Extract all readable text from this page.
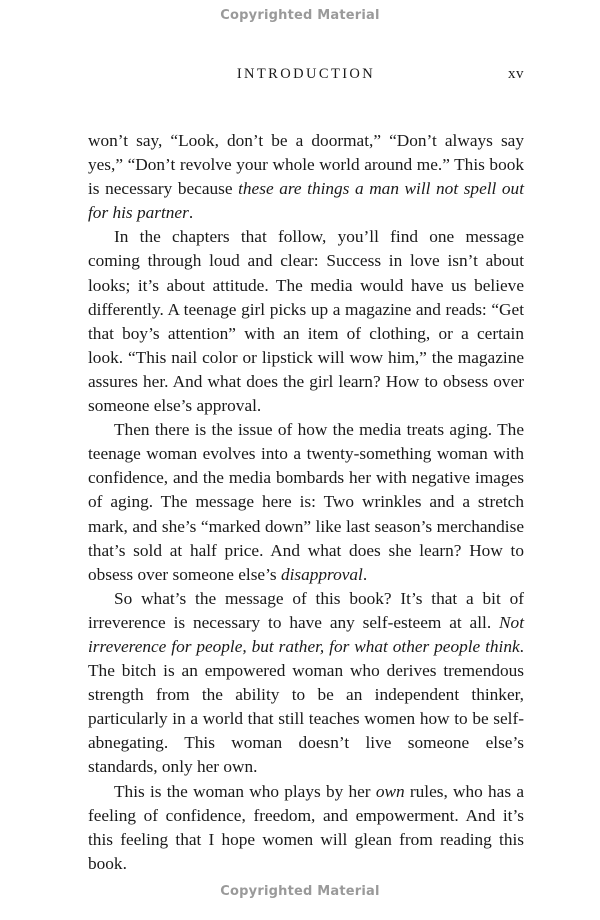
Copyrighted Material
INTRODUCTION	xv

won’t say, “Look, don’t be a doormat,” “Don’t always say yes,” “Don’t revolve your whole world around me.” This book is necessary because these are things a man will not spell out for his partner.

In the chapters that follow, you’ll find one message coming through loud and clear: Success in love isn’t about looks; it’s about attitude. The media would have us believe differently. A teenage girl picks up a magazine and reads: “Get that boy’s attention” with an item of clothing, or a certain look. “This nail color or lipstick will wow him,” the magazine assures her. And what does the girl learn? How to obsess over someone else’s approval.

Then there is the issue of how the media treats aging. The teenage woman evolves into a twenty-something woman with confidence, and the media bombards her with negative images of aging. The message here is: Two wrinkles and a stretch mark, and she’s “marked down” like last season’s merchandise that’s sold at half price. And what does she learn? How to obsess over someone else’s disapproval.

So what’s the message of this book? It’s that a bit of irreverence is necessary to have any self-esteem at all. Not irreverence for people, but rather, for what other people think. The bitch is an empowered woman who derives tremendous strength from the ability to be an independent thinker, particularly in a world that still teaches women how to be self-abnegating. This woman doesn’t live someone else’s standards, only her own.

This is the woman who plays by her own rules, who has a feeling of confidence, freedom, and empowerment. And it’s this feeling that I hope women will glean from reading this book.

Copyrighted Material
